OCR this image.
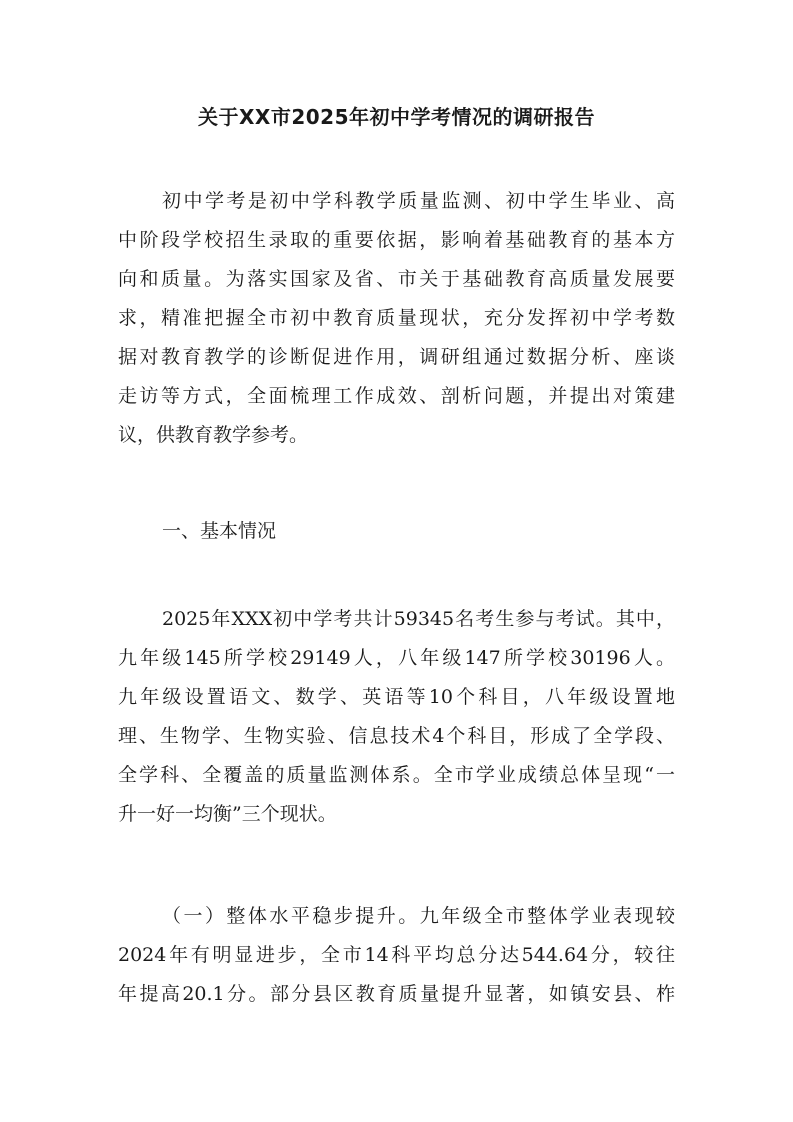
关于XX市2025年初中学考情况的调研报告
初中学考是初中学科教学质量监测、初中学生毕业、高
中阶段学校招生录取的重要依据，影响着基础教育的基本方
向和质量。为落实国家及省、市关于基础教育高质量发展要
求，精准把握全市初中教育质量现状，充分发挥初中学考数
据对教育教学的诊断促进作用，调研组通过数据分析、座谈
走访等方式，全面梳理工作成效、剖析问题，并提出对策建
议，供教育教学参考。
一、基本情况
2025年XXX初中学考共计59345名考生参与考试。其中，
九年级145所学校29149人，八年级147所学校30196人。
九年级设置语文、数学、英语等10个科目，八年级设置地
理、生物学、生物实验、信息技术4个科目，形成了全学段、
全学科、全覆盖的质量监测体系。全市学业成绩总体呈现“一
升一好一均衡”三个现状。
（一）整体水平稳步提升。九年级全市整体学业表现较
2024年有明显进步，全市14科平均总分达544.64分，较往
年提高20.1分。部分县区教育质量提升显著，如镇安县、柞
